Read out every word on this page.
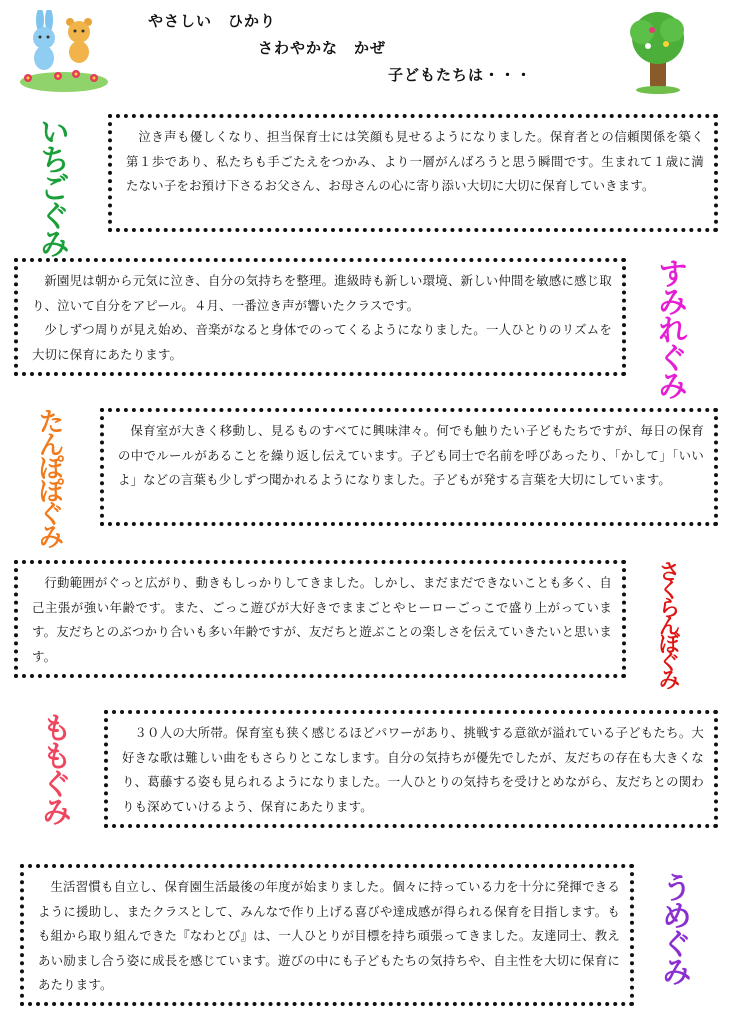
やさしい　ひかり
さわやかな　かぜ
子どもたちは・・・
いちごぐみ	泣き声も優しくなり、担当保育士には笑顔も見せるようになりました。保育者との信頼関係を築く第１歩であり、私たちも手ごたえをつかみ、より一層がんばろうと思う瞬間です。生まれて１歳に満たない子をお預け下さるお父さん、お母さんの心に寄り添い大切に大切に保育していきます。

新園児は朝から元気に泣き、自分の気持ちを整理。進級時も新しい環境、新しい仲間を敏感に感じ取り、泣いて自分をアピール。４月、一番泣き声が響いたクラスです。

少しずつ周りが見え始め、音楽がなると身体でのってくるようになりました。一人ひとりのリズムを大切に保育にあたります。	すみれぐみ
たんぽぽぐみ	保育室が大きく移動し、見るものすべてに興味津々。何でも触りたい子どもたちですが、毎日の保育の中でルールがあることを繰り返し伝えています。子ども同士で名前を呼びあったり、「かして」「いいよ」などの言葉も少しずつ聞かれるようになりました。子どもが発する言葉を大切にしています。

行動範囲がぐっと広がり、動きもしっかりしてきました。しかし、まだまだできないことも多く、自己主張が強い年齢です。また、ごっこ遊びが大好きでままごとやヒーローごっこで盛り上がっています。友だちとのぶつかり合いも多い年齢ですが、友だちと遊ぶことの楽しさを伝えていきたいと思います。	さくらんぼぐみ
ももぐみ	３０人の大所帯。保育室も狭く感じるほどパワーがあり、挑戦する意欲が溢れている子どもたち。大好きな歌は難しい曲をもさらりとこなします。自分の気持ちが優先でしたが、友だちの存在も大きくなり、葛藤する姿も見られるようになりました。一人ひとりの気持ちを受けとめながら、友だちとの関わりも深めていけるよう、保育にあたります。

生活習慣も自立し、保育園生活最後の年度が始まりました。個々に持っている力を十分に発揮できるように援助し、またクラスとして、みんなで作り上げる喜びや達成感が得られる保育を目指します。もも組から取り組んできた『なわとび』は、一人ひとりが目標を持ち頑張ってきました。友達同士、教えあい励まし合う姿に成長を感じています。遊びの中にも子どもたちの気持ちや、自主性を大切に保育にあたります。

うめぐみ
